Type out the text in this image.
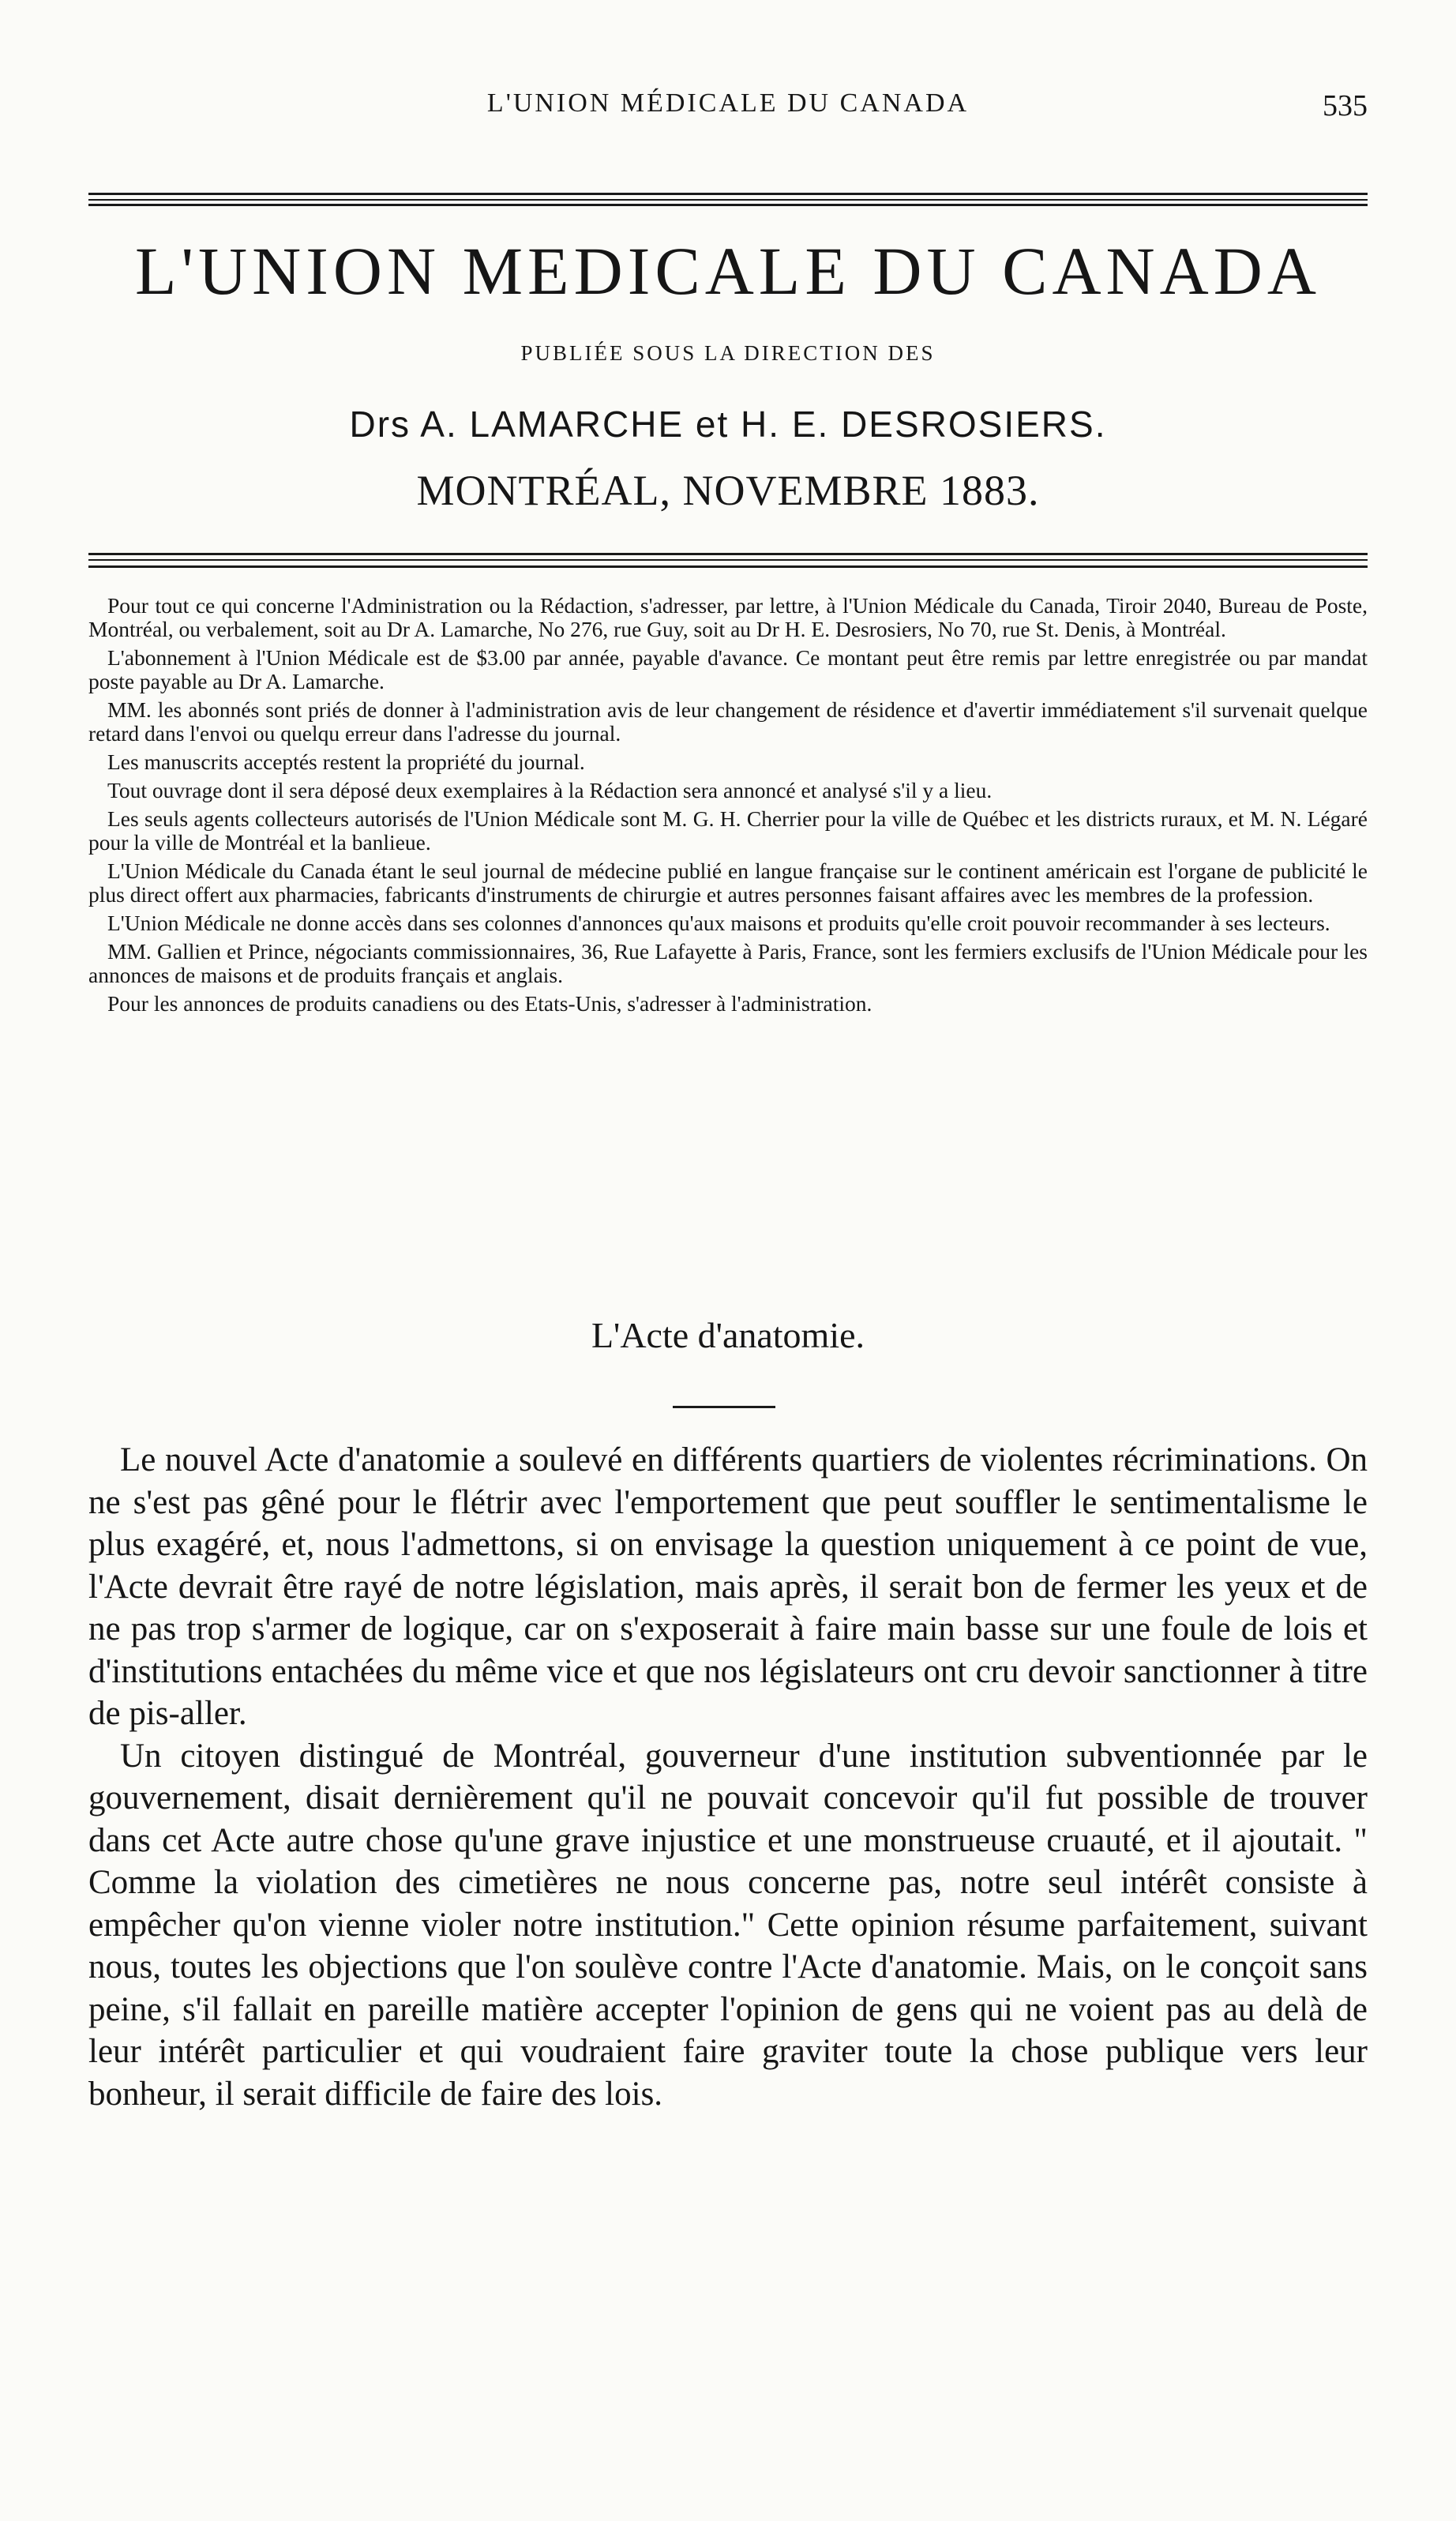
L'UNION MÉDICALE DU CANADA	535
L'UNION MEDICALE DU CANADA
PUBLIÉE SOUS LA DIRECTION DES
Drs A. LAMARCHE et H. E. DESROSIERS.
MONTRÉAL, NOVEMBRE 1883.

Pour tout ce qui concerne l'Administration ou la Rédaction, s'adresser, par lettre, à l'Union Médicale du Canada, Tiroir 2040, Bureau de Poste, Montréal, ou verbalement, soit au Dr A. Lamarche, No 276, rue Guy, soit au Dr H. E. Desrosiers, No 70, rue St. Denis, à Montréal.

L'abonnement à l'Union Médicale est de $3.00 par année, payable d'avance. Ce montant peut être remis par lettre enregistrée ou par mandat poste payable au Dr A. Lamarche.

MM. les abonnés sont priés de donner à l'administration avis de leur changement de résidence et d'avertir immédiatement s'il survenait quelque retard dans l'envoi ou quelqu erreur dans l'adresse du journal.

Les manuscrits acceptés restent la propriété du journal.

Tout ouvrage dont il sera déposé deux exemplaires à la Rédaction sera annoncé et analysé s'il y a lieu.

Les seuls agents collecteurs autorisés de l'Union Médicale sont M. G. H. Cherrier pour la ville de Québec et les districts ruraux, et M. N. Légaré pour la ville de Montréal et la banlieue.

L'Union Médicale du Canada étant le seul journal de médecine publié en langue française sur le continent américain est l'organe de publicité le plus direct offert aux pharmacies, fabricants d'instruments de chirurgie et autres personnes faisant affaires avec les membres de la profession.

L'Union Médicale ne donne accès dans ses colonnes d'annonces qu'aux maisons et produits qu'elle croit pouvoir recommander à ses lecteurs.

MM. Gallien et Prince, négociants commissionnaires, 36, Rue Lafayette à Paris, France, sont les fermiers exclusifs de l'Union Médicale pour les annonces de maisons et de produits français et anglais.

Pour les annonces de produits canadiens ou des Etats-Unis, s'adresser à l'administration.

L'Acte d'anatomie.

Le nouvel Acte d'anatomie a soulevé en différents quartiers de violentes récriminations. On ne s'est pas gêné pour le flétrir avec l'emportement que peut souffler le sentimentalisme le plus exagéré, et, nous l'admettons, si on envisage la question uniquement à ce point de vue, l'Acte devrait être rayé de notre législation, mais après, il serait bon de fermer les yeux et de ne pas trop s'armer de logique, car on s'exposerait à faire main basse sur une foule de lois et d'institutions entachées du même vice et que nos législateurs ont cru devoir sanctionner à titre de pis-aller.

Un citoyen distingué de Montréal, gouverneur d'une institution subventionnée par le gouvernement, disait dernièrement qu'il ne pouvait concevoir qu'il fut possible de trouver dans cet Acte autre chose qu'une grave injustice et une monstrueuse cruauté, et il ajoutait. " Comme la violation des cimetières ne nous concerne pas, notre seul intérêt consiste à empêcher qu'on vienne violer notre institution." Cette opinion résume parfaitement, suivant nous, toutes les objections que l'on soulève contre l'Acte d'anatomie. Mais, on le conçoit sans peine, s'il fallait en pareille matière accepter l'opinion de gens qui ne voient pas au delà de leur intérêt particulier et qui voudraient faire graviter toute la chose publique vers leur bonheur, il serait difficile de faire des lois.
